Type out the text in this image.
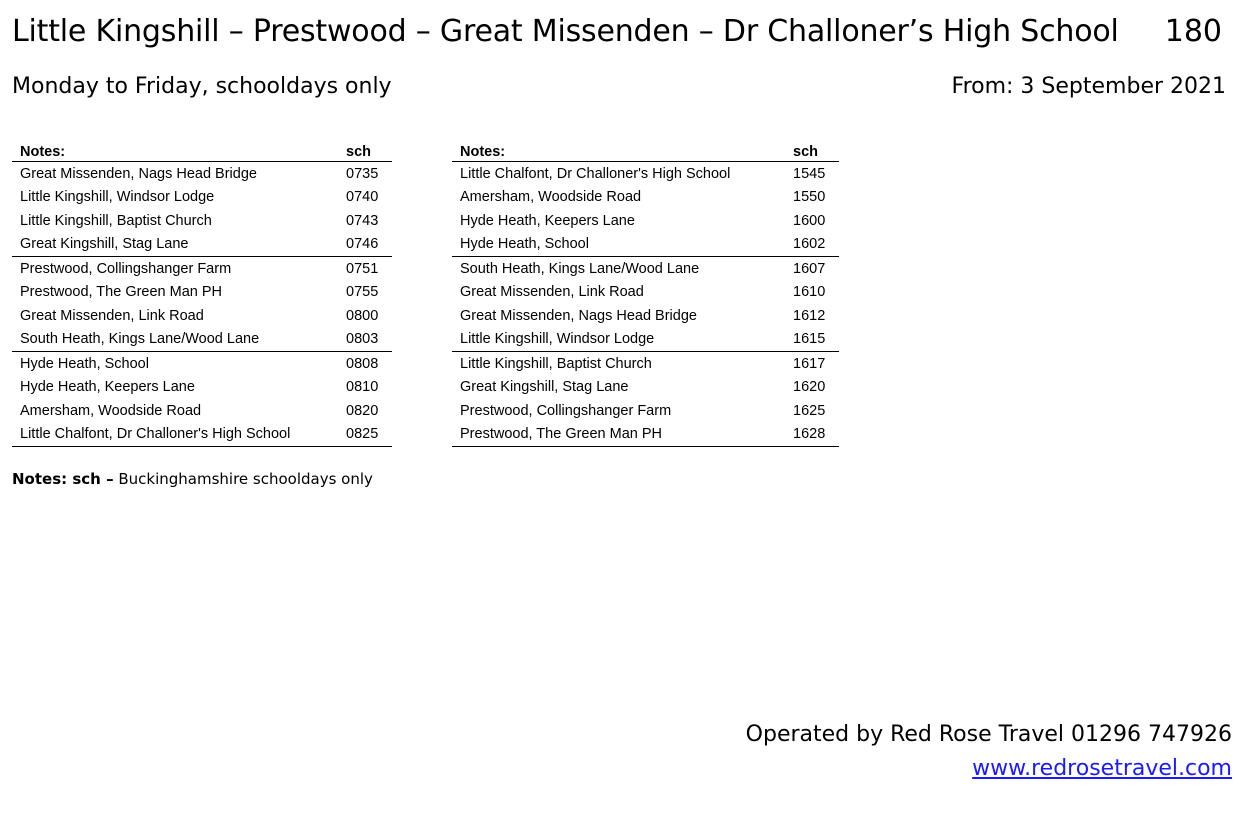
Little Kingshill – Prestwood – Great Missenden – Dr Challoner’s High School 180
Monday to Friday, schooldays only	From: 3 September 2021
Notes:	sch
Great Missenden, Nags Head Bridge	0735
Little Kingshill, Windsor Lodge	0740
Little Kingshill, Baptist Church	0743
Great Kingshill, Stag Lane	0746
Prestwood, Collingshanger Farm	0751
Prestwood, The Green Man PH	0755
Great Missenden, Link Road	0800
South Heath, Kings Lane/Wood Lane	0803
Hyde Heath, School	0808
Hyde Heath, Keepers Lane	0810
Amersham, Woodside Road	0820
Little Chalfont, Dr Challoner's High School	0825
Notes:	sch
Little Chalfont, Dr Challoner's High School	1545
Amersham, Woodside Road	1550
Hyde Heath, Keepers Lane	1600
Hyde Heath, School	1602
South Heath, Kings Lane/Wood Lane	1607
Great Missenden, Link Road	1610
Great Missenden, Nags Head Bridge	1612
Little Kingshill, Windsor Lodge	1615
Little Kingshill, Baptist Church	1617
Great Kingshill, Stag Lane	1620
Prestwood, Collingshanger Farm	1625
Prestwood, The Green Man PH	1628
Notes: sch – Buckinghamshire schooldays only
Operated by Red Rose Travel 01296 747926
www.redrosetravel.com
